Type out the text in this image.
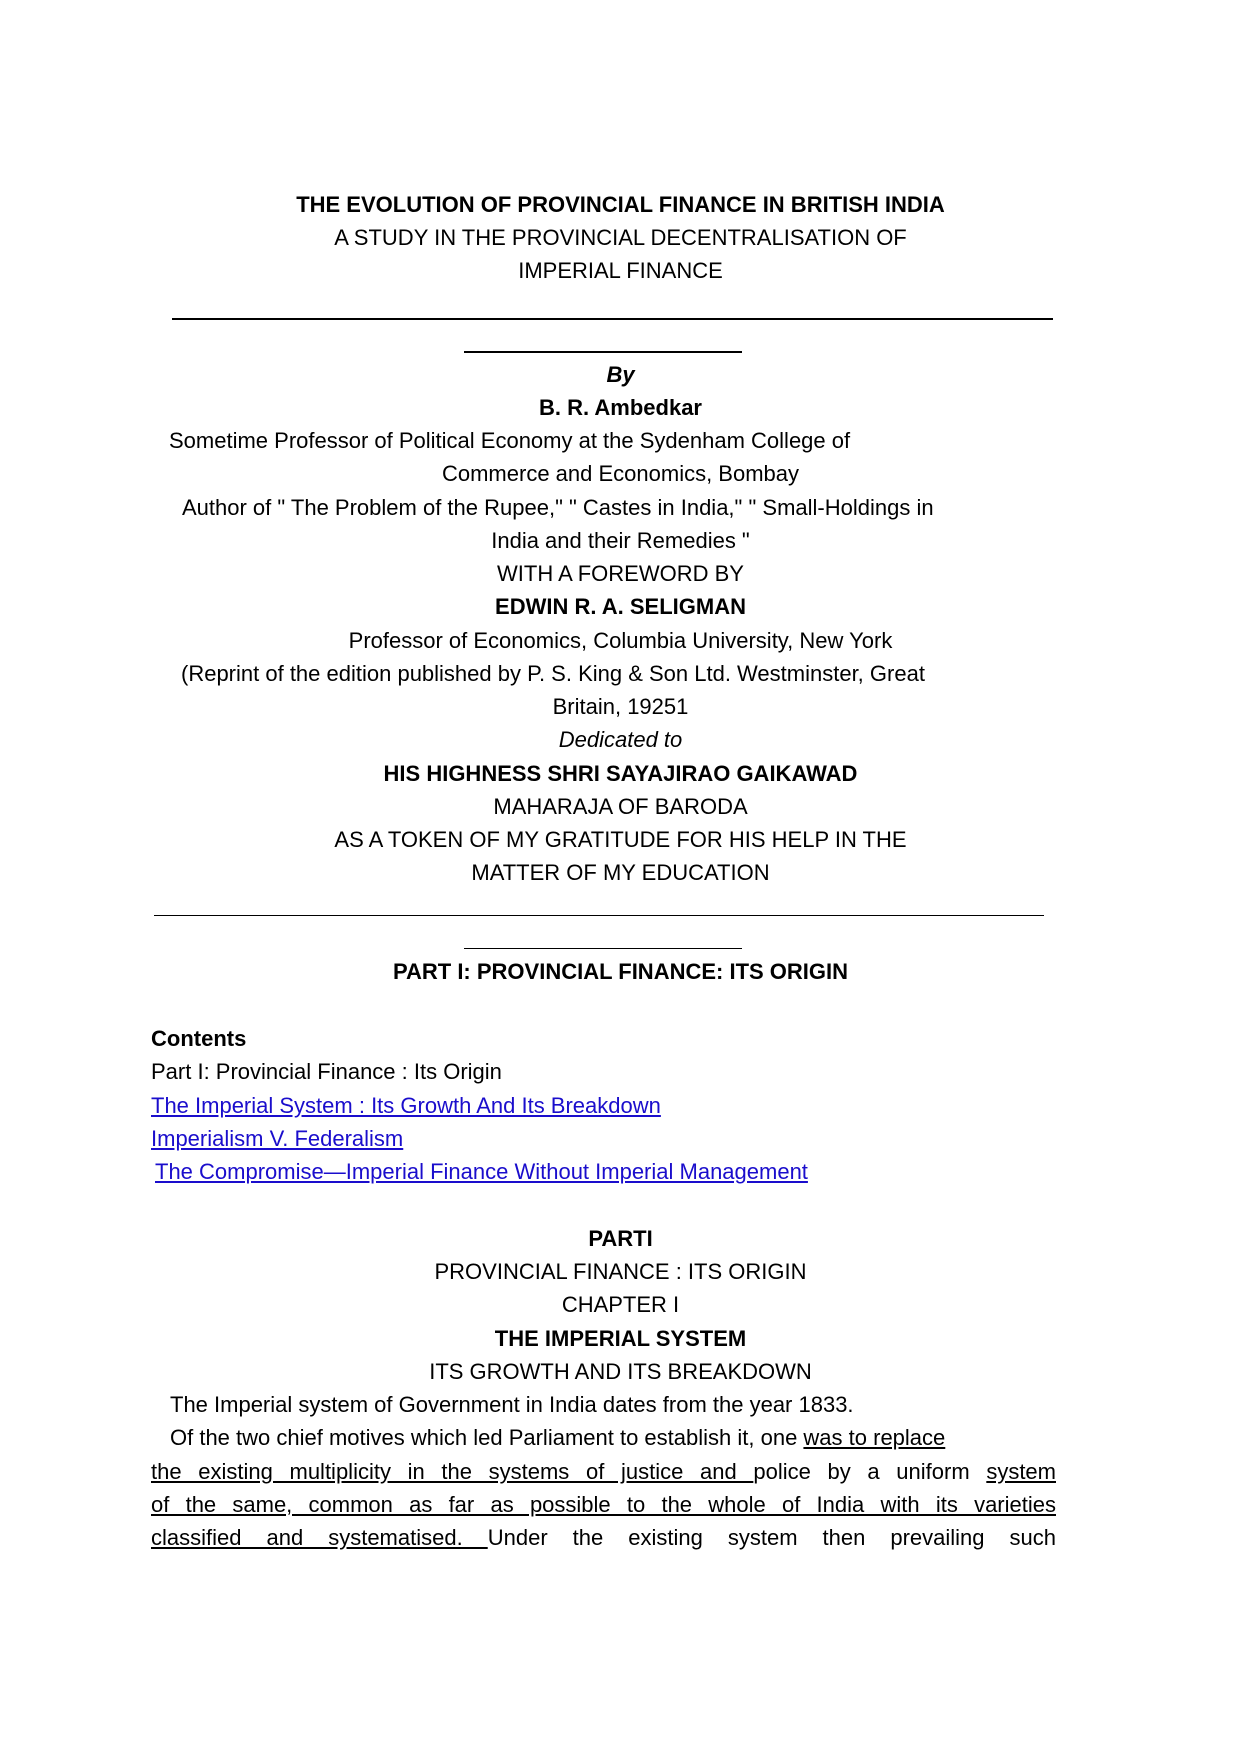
THE EVOLUTION OF PROVINCIAL FINANCE IN BRITISH INDIA
A STUDY IN THE PROVINCIAL DECENTRALISATION OF
IMPERIAL FINANCE
By
B. R. Ambedkar
Sometime Professor of Political Economy at the Sydenham College of
Commerce and Economics, Bombay
Author of " The Problem of the Rupee," " Castes in India," " Small-Holdings in
India and their Remedies "
WITH A FOREWORD BY
EDWIN R. A. SELIGMAN
Professor of Economics, Columbia University, New York
(Reprint of the edition published by P. S. King & Son Ltd. Westminster, Great
Britain, 19251
Dedicated to
HIS HIGHNESS SHRI SAYAJIRAO GAIKAWAD
MAHARAJA OF BARODA
AS A TOKEN OF MY GRATITUDE FOR HIS HELP IN THE
MATTER OF MY EDUCATION
PART I: PROVINCIAL FINANCE: ITS ORIGIN
Contents
Part I: Provincial Finance : Its Origin
The Imperial System : Its Growth And Its Breakdown
Imperialism V. Federalism
The Compromise—Imperial Finance Without Imperial Management
PARTI
PROVINCIAL FINANCE : ITS ORIGIN
CHAPTER I
THE IMPERIAL SYSTEM
ITS GROWTH AND ITS BREAKDOWN
The Imperial system of Government in India dates from the year 1833.
Of the two chief motives which led Parliament to establish it, one was to replace
the existing multiplicity in the systems of justice and police by a uniform system
of the same, common as far as possible to the whole of India with its varieties
classified and systematised. Under the existing system then prevailing such
